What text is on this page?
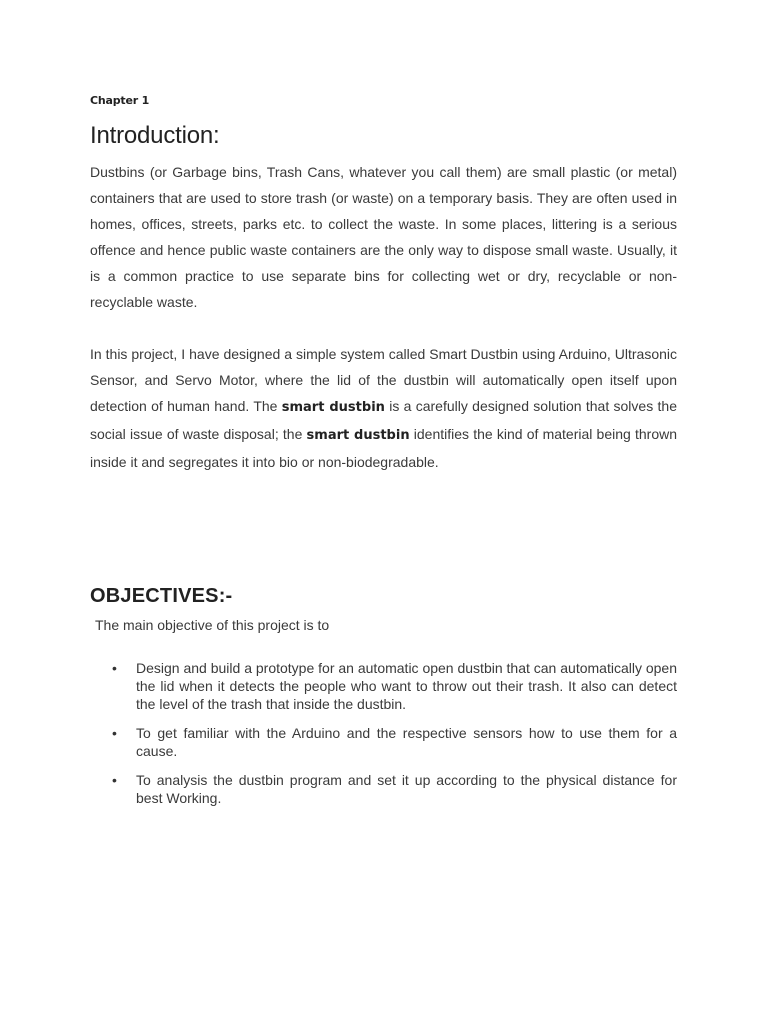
Chapter 1
Introduction:

Dustbins (or Garbage bins, Trash Cans, whatever you call them) are small plastic (or metal) containers that are used to store trash (or waste) on a temporary basis. They are often used in homes, offices, streets, parks etc. to collect the waste. In some places, littering is a serious offence and hence public waste containers are the only way to dispose small waste. Usually, it is a common practice to use separate bins for collecting wet or dry, recyclable or non-recyclable waste.

In this project, I have designed a simple system called Smart Dustbin using Arduino, Ultrasonic Sensor, and Servo Motor, where the lid of the dustbin will automatically open itself upon detection of human hand. The smart dustbin is a carefully designed solution that solves the social issue of waste disposal; the smart dustbin identifies the kind of material being thrown inside it and segregates it into bio or non-biodegradable.

OBJECTIVES:-

The main objective of this project is to

• Design and build a prototype for an automatic open dustbin that can automatically open the lid when it detects the people who want to throw out their trash. It also can detect the level of the trash that inside the dustbin.
• To get familiar with the Arduino and the respective sensors how to use them for a cause.
• To analysis the dustbin program and set it up according to the physical distance for best Working.
